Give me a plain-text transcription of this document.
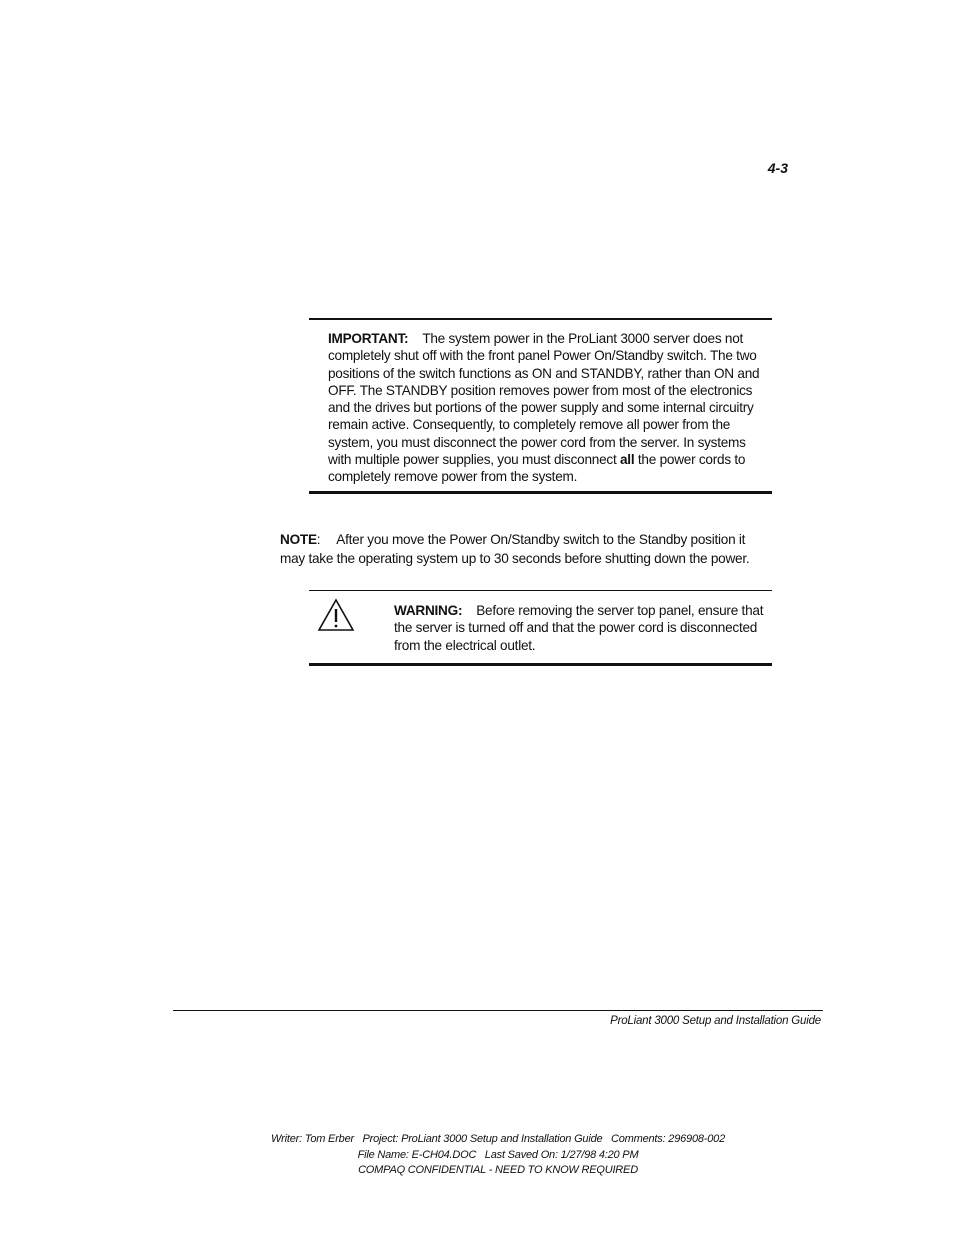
4-3
IMPORTANT: The system power in the ProLiant 3000 server does not completely shut off with the front panel Power On/Standby switch. The two positions of the switch functions as ON and STANDBY, rather than ON and OFF. The STANDBY position removes power from most of the electronics and the drives but portions of the power supply and some internal circuitry remain active. Consequently, to completely remove all power from the system, you must disconnect the power cord from the server. In systems with multiple power supplies, you must disconnect all the power cords to completely remove power from the system.
NOTE: After you move the Power On/Standby switch to the Standby position it may take the operating system up to 30 seconds before shutting down the power.
WARNING: Before removing the server top panel, ensure that the server is turned off and that the power cord is disconnected from the electrical outlet.
ProLiant 3000 Setup and Installation Guide
Writer: Tom Erber   Project: ProLiant 3000 Setup and Installation Guide   Comments: 296908-002
File Name: E-CH04.DOC   Last Saved On: 1/27/98 4:20 PM
COMPAQ CONFIDENTIAL - NEED TO KNOW REQUIRED
